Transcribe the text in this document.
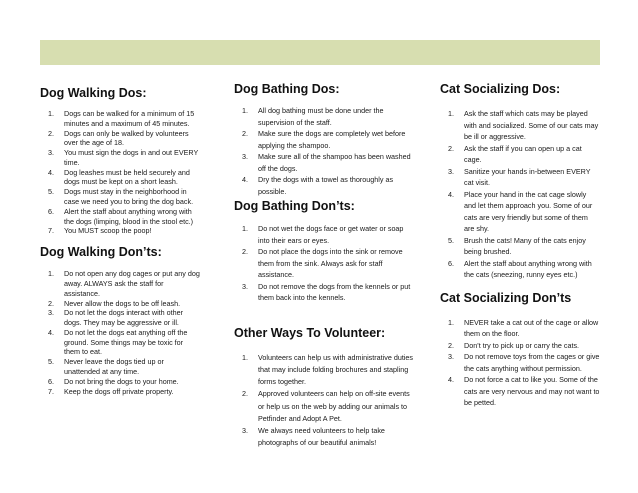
Dog Walking Dos:
1. Dogs can be walked for a minimum of 15 minutes and a maximum of 45 minutes.
2. Dogs can only be walked by volunteers over the age of 18.
3. You must sign the dogs in and out EVERY time.
4. Dog leashes must be held securely and dogs must be kept on a short leash.
5. Dogs must stay in the neighborhood in case we need you to bring the dog back.
6. Alert the staff about anything wrong with the dogs (limping, blood in the stool etc.)
7. You MUST scoop the poop!
Dog Walking Don’ts:
1. Do not open any dog cages or put any dog away. ALWAYS ask the staff for assistance.
2. Never allow the dogs to be off leash.
3. Do not let the dogs interact with other dogs. They may be aggressive or ill.
4. Do not let the dogs eat anything off the ground. Some things may be toxic for them to eat.
5. Never leave the dogs tied up or unattended at any time.
6. Do not bring the dogs to your home.
7. Keep the dogs off private property.
Dog Bathing Dos:
1. All dog bathing must be done under the supervision of the staff.
2. Make sure the dogs are completely wet before applying the shampoo.
3. Make sure all of the shampoo has been washed off the dogs.
4. Dry the dogs with a towel as thoroughly as possible.
Dog Bathing Don’ts:
1. Do not wet the dogs face or get water or soap into their ears or eyes.
2. Do not place the dogs into the sink or remove them from the sink. Always ask for staff assistance.
3. Do not remove the dogs from the kennels or put them back into the kennels.
Other Ways To Volunteer:
1. Volunteers can help us with administrative duties that may include folding brochures and stapling forms together.
2. Approved volunteers can help on off-site events or help us on the web by adding our animals to Petfinder and Adopt A Pet.
3. We always need volunteers to help take photographs of our beautiful animals!
Cat Socializing Dos:
1. Ask the staff which cats may be played with and socialized. Some of our cats may be ill or aggressive.
2. Ask the staff if you can open up a cat cage.
3. Sanitize your hands in-between EVERY cat visit.
4. Place your hand in the cat cage slowly and let them approach you. Some of our cats are very friendly but some of them are shy.
5. Brush the cats! Many of the cats enjoy being brushed.
6. Alert the staff about anything wrong with the cats (sneezing, runny eyes etc.)
Cat Socializing Don’ts
1. NEVER take a cat out of the cage or allow them on the floor.
2. Don’t try to pick up or carry the cats.
3. Do not remove toys from the cages or give the cats anything without permission.
4. Do not force a cat to like you. Some of the cats are very nervous and may not want to be petted.
